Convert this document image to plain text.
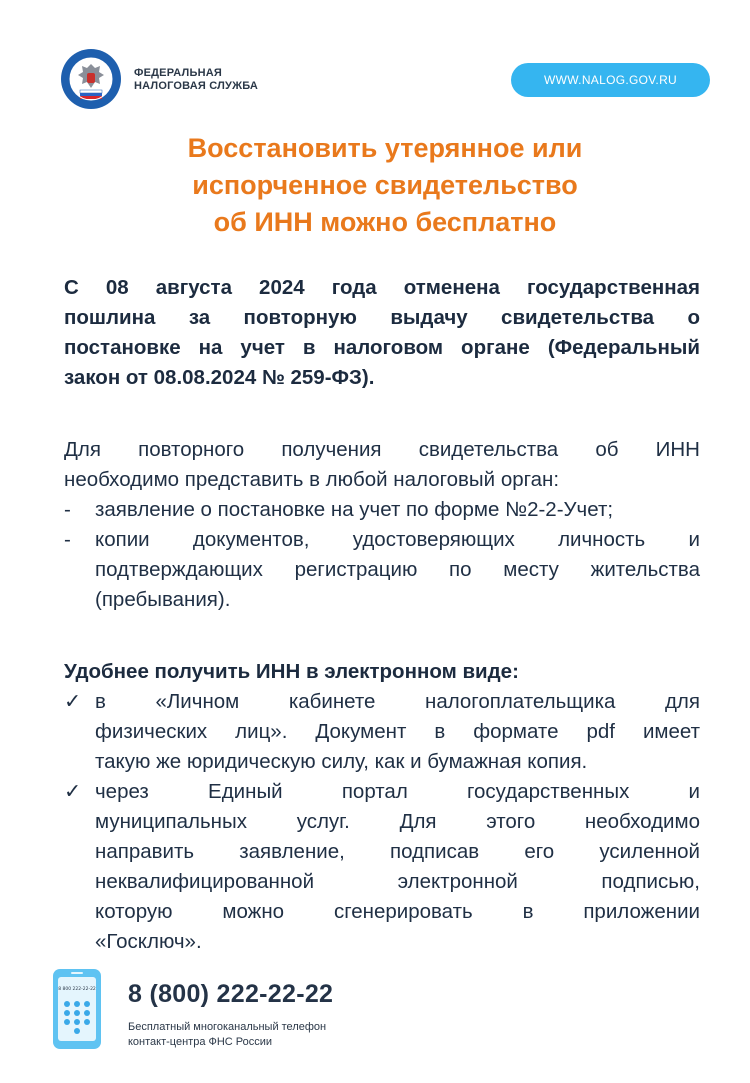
ФЕДЕРАЛЬНАЯ
НАЛОГОВАЯ СЛУЖБА	WWW.NALOG.GOV.RU
Восстановить утерянное или
испорченное свидетельство
об ИНН можно бесплатно

С 08 августа 2024 года отменена государственная
пошлина за повторную выдачу свидетельства о
постановке на учет в налоговом органе (Федеральный
закон от 08.08.2024 № 259-ФЗ).

Для повторного получения свидетельства об ИНН
необходимо представить в любой налоговый орган:
- заявление о постановке на учет по форме №2-2-Учет;
- копии документов, удостоверяющих личность и
подтверждающих регистрацию по месту жительства
(пребывания).

Удобнее получить ИНН в электронном виде:

✓ в «Личном кабинете налогоплательщика для
физических лиц». Документ в формате pdf имеет
такую же юридическую силу, как и бумажная копия.
✓ через Единый портал государственных и
муниципальных услуг. Для этого необходимо
направить заявление, подписав его усиленной
неквалифицированной электронной подписью,
которую можно сгенерировать в приложении
«Госключ».
8 800 222-22-22 8 (800) 222-22-22
Бесплатный многоканальный телефон
контакт-центра ФНС России
